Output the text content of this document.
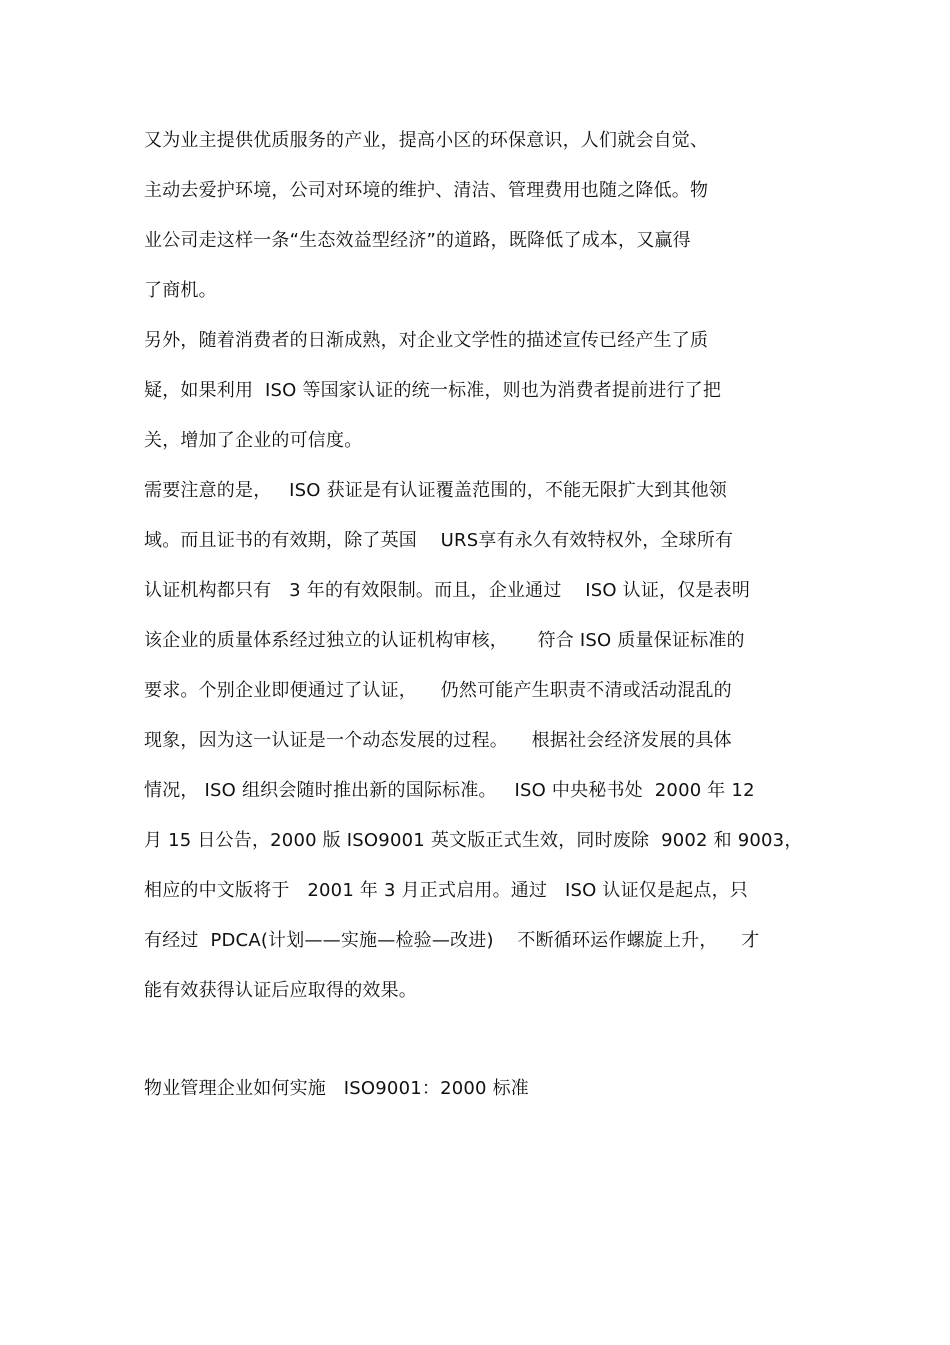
又为业主提供优质服务的产业，提高小区的环保意识，人们就会自觉、
主动去爱护环境，公司对环境的维护、清洁、管理费用也随之降低。物
业公司走这样一条“生态效益型经济”的道路，既降低了成本，又赢得
了商机。
另外，随着消费者的日渐成熟，对企业文学性的描述宣传已经产生了质
疑，如果利用  ISO 等国家认证的统一标准，则也为消费者提前进行了把
关，增加了企业的可信度。
需要注意的是，   ISO 获证是有认证覆盖范围的，不能无限扩大到其他领
域。而且证书的有效期，除了英国    URS享有永久有效特权外，全球所有
认证机构都只有   3 年的有效限制。而且，企业通过    ISO 认证，仅是表明
该企业的质量体系经过独立的认证机构审核，     符合 ISO 质量保证标准的
要求。个别企业即便通过了认证，    仍然可能产生职责不清或活动混乱的
现象，因为这一认证是一个动态发展的过程。    根据社会经济发展的具体
情况， ISO 组织会随时推出新的国际标准。   ISO 中央秘书处  2000 年 12
月 15 日公告，2000 版 ISO9001 英文版正式生效，同时废除  9002 和 9003，
相应的中文版将于   2001 年 3 月正式启用。通过   ISO 认证仅是起点，只
有经过  PDCA(计划——实施—检验—改进)    不断循环运作螺旋上升，    才
能有效获得认证后应取得的效果。
物业管理企业如何实施   ISO9001：2000 标准
